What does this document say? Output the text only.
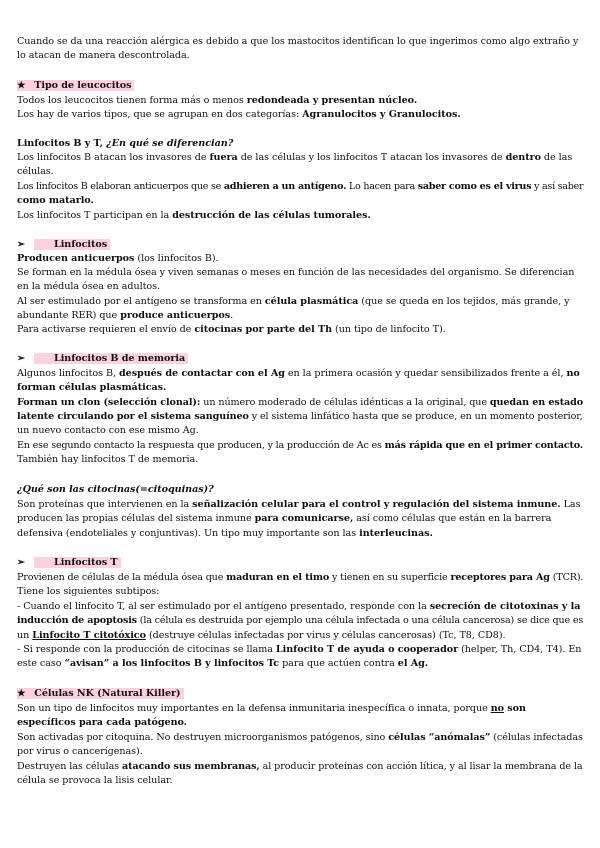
Cuando se da una reacción alérgica es debido a que los mastocitos identifican lo que ingerimos como algo extraño y
lo atacan de manera descontrolada.
★ Tipo de leucocitos
Todos los leucocitos tienen forma más o menos redondeada y presentan núcleo.
Los hay de varios tipos, que se agrupan en dos categorías: Agranulocitos y Granulocitos.
Linfocitos B y T, ¿En qué se diferencian?
Los linfocitos B atacan los invasores de fuera de las células y los linfocitos T atacan los invasores de dentro de las
células.
Los linfocitos B elaboran anticuerpos que se adhieren a un antígeno. Lo hacen para saber como es el virus y así saber
como matarlo.
Los linfocitos T participan en la destrucción de las células tumorales.
➢	Linfocitos
Producen anticuerpos (los linfocitos B).
Se forman en la médula ósea y viven semanas o meses en función de las necesidades del organismo. Se diferencian
en la médula ósea en adultos.
Al ser estimulado por el antígeno se transforma en célula plasmática (que se queda en los tejidos, más grande, y
abundante RER) que produce anticuerpos.
Para activarse requieren el envío de citocinas por parte del Th (un tipo de linfocito T).
➢	Linfocitos B de memoria
Algunos linfocitos B, después de contactar con el Ag en la primera ocasión y quedar sensibilizados frente a él, no
forman células plasmáticas.
Forman un clon (selección clonal): un número moderado de células idénticas a la original, que quedan en estado
latente circulando por el sistema sanguíneo y el sistema linfático hasta que se produce, en un momento posterior,
un nuevo contacto con ese mismo Ag.
En ese segundo contacto la respuesta que producen, y la producción de Ac es más rápida que en el primer contacto.
También hay linfocitos T de memoria.
¿Qué son las citocinas(=citoquinas)?
Son proteínas que intervienen en la señalización celular para el control y regulación del sistema inmune. Las
producen las propias células del sistema inmune para comunicarse, así como células que están en la barrera
defensiva (endoteliales y conjuntivas). Un tipo muy importante son las interleucinas.
➢	Linfocitos T
Provienen de células de la médula ósea que maduran en el timo y tienen en su superficie receptores para Ag (TCR).
Tiene los siguientes subtipos:
- Cuando el linfocito T, al ser estimulado por el antígeno presentado, responde con la secreción de citotoxinas y la
inducción de apoptosis (la célula es destruida por ejemplo una célula infectada o una célula cancerosa) se dice que es
un Linfocito T citotóxico (destruye células infectadas por virus y células cancerosas) (Tc, T8, CD8).
- Si responde con la producción de citocinas se llama Linfocito T de ayuda o cooperador (helper, Th, CD4, T4). En
este caso “avisan” a los linfocitos B y linfocitos Tc para que actúen contra el Ag.
★ Células NK (Natural Killer)
Son un tipo de linfocitos muy importantes en la defensa inmunitaria inespecífica o innata, porque no son
específicos para cada patógeno.
Son activadas por citoquina. No destruyen microorganismos patógenos, sino células “anómalas” (células infectadas
por virus o cancerígenas).
Destruyen las células atacando sus membranas, al producir proteínas con acción lítica, y al lisar la membrana de la
célula se provoca la lisis celular.
